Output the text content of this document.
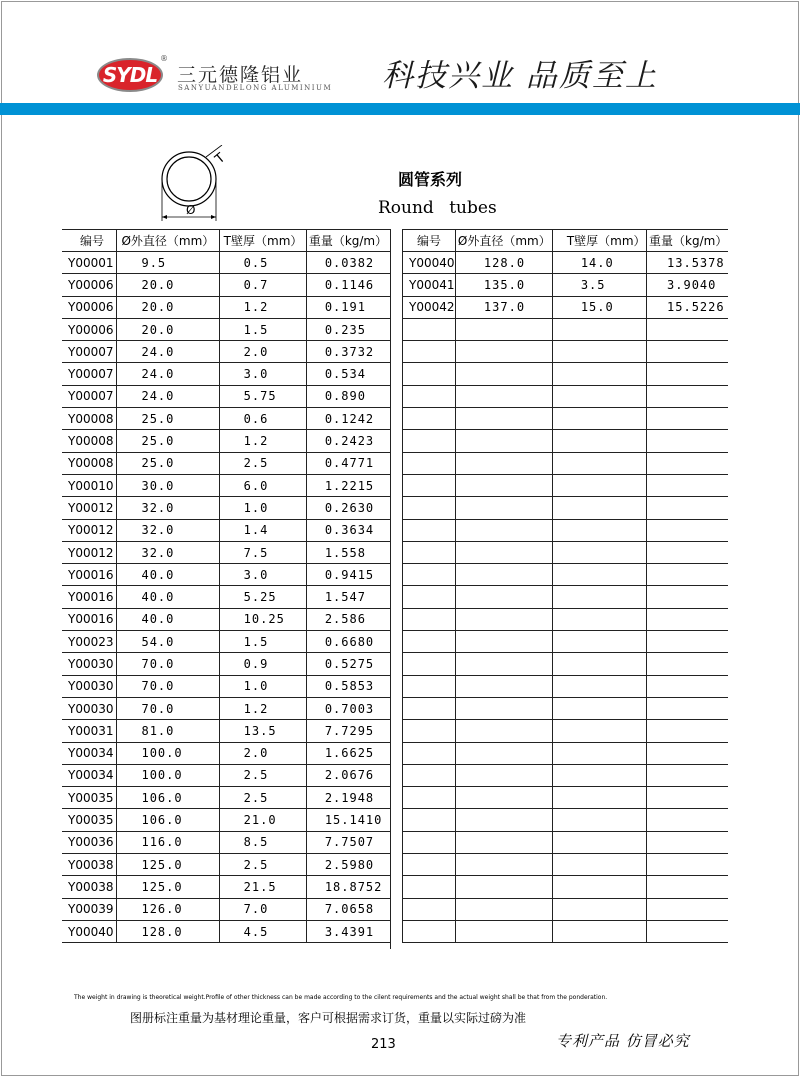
SYDL
®
三元德隆铝业
SANYUANDELONG ALUMINIUM 科技兴业 品质至上
T
Ø
圆管系列
Round tubes
编号	Ø外直径（mm）	T壁厚（mm）	重量（kg/m）
Y00001	9.5	0.5	0.0382
Y00006	20.0	0.7	0.1146
Y00006	20.0	1.2	0.191
Y00006	20.0	1.5	0.235
Y00007	24.0	2.0	0.3732
Y00007	24.0	3.0	0.534
Y00007	24.0	5.75	0.890
Y00008	25.0	0.6	0.1242
Y00008	25.0	1.2	0.2423
Y00008	25.0	2.5	0.4771
Y00010	30.0	6.0	1.2215
Y00012	32.0	1.0	0.2630
Y00012	32.0	1.4	0.3634
Y00012	32.0	7.5	1.558
Y00016	40.0	3.0	0.9415
Y00016	40.0	5.25	1.547
Y00016	40.0	10.25	2.586
Y00023	54.0	1.5	0.6680
Y00030	70.0	0.9	0.5275
Y00030	70.0	1.0	0.5853
Y00030	70.0	1.2	0.7003
Y00031	81.0	13.5	7.7295
Y00034	100.0	2.0	1.6625
Y00034	100.0	2.5	2.0676
Y00035	106.0	2.5	2.1948
Y00035	106.0	21.0	15.1410
Y00036	116.0	8.5	7.7507
Y00038	125.0	2.5	2.5980
Y00038	125.0	21.5	18.8752
Y00039	126.0	7.0	7.0658
Y00040	128.0	4.5	3.4391
编号	Ø外直径（mm）	T壁厚（mm）	重量（kg/m）
Y00040	128.0	14.0	13.5378
Y00041	135.0	3.5	3.9040
Y00042	137.0	15.0	15.5226

The weight in drawing is theoretical weight.Profile of other thickness can be made according to the cilent requirements and the actual weight shall be that from the ponderation.
图册标注重量为基材理论重量，客户可根据需求订货，重量以实际过磅为准
213	专利产品 仿冒必究
